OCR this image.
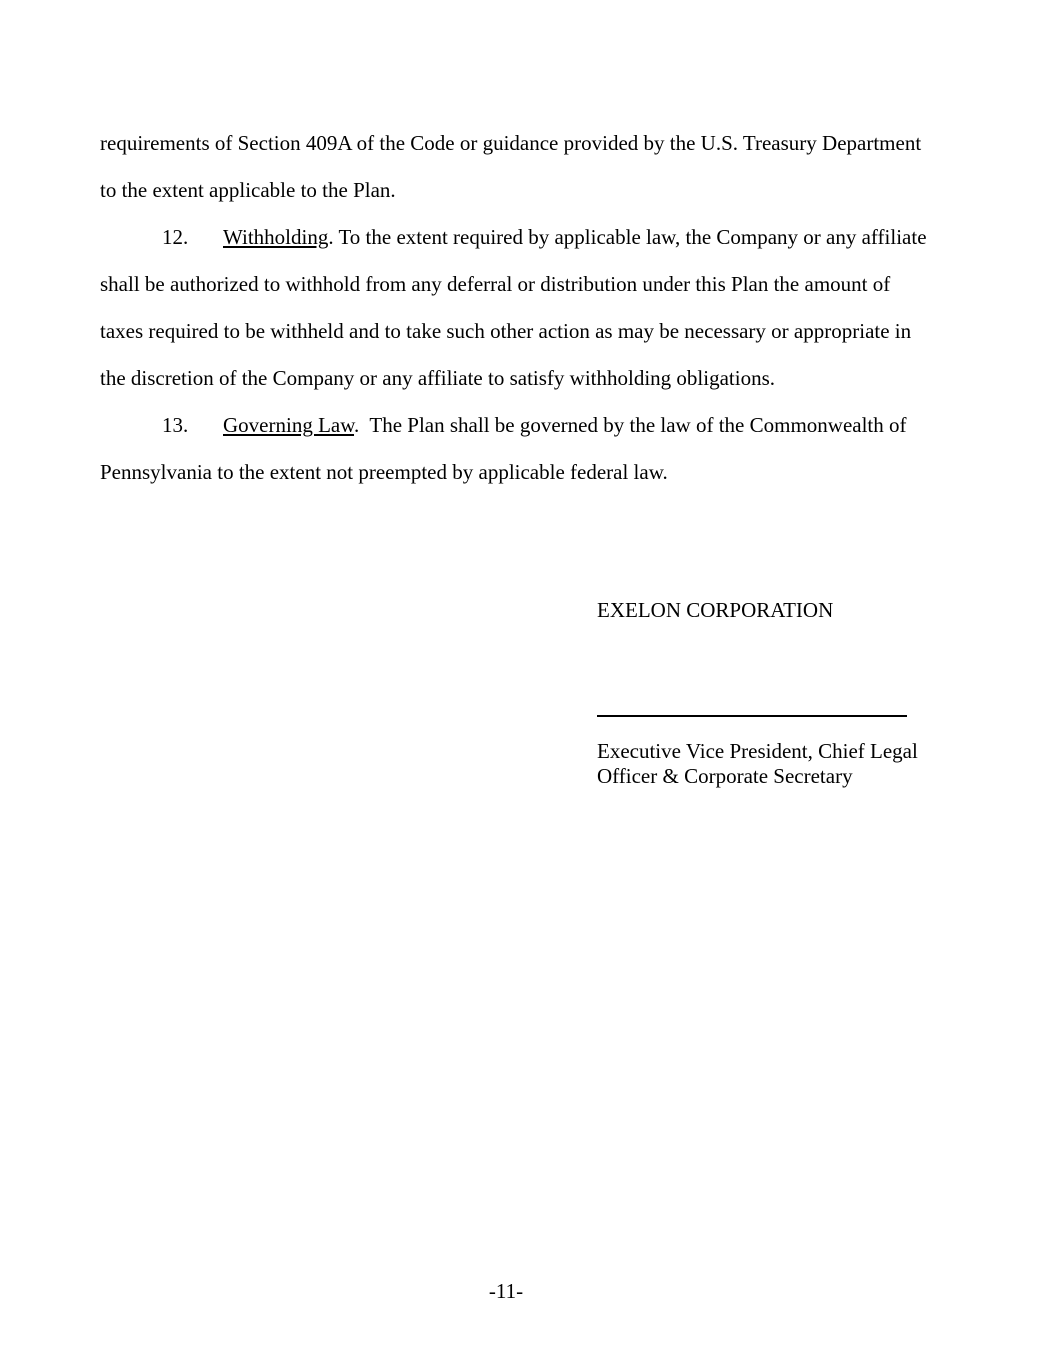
requirements of Section 409A of the Code or guidance provided by the U.S. Treasury Department to the extent applicable to the Plan.

12. Withholding. To the extent required by applicable law, the Company or any affiliate shall be authorized to withhold from any deferral or distribution under this Plan the amount of taxes required to be withheld and to take such other action as may be necessary or appropriate in the discretion of the Company or any affiliate to satisfy withholding obligations.

13. Governing Law.  The Plan shall be governed by the law of the Commonwealth of Pennsylvania to the extent not preempted by applicable federal law.

EXELON CORPORATION
Executive Vice President, Chief Legal
Officer & Corporate Secretary
-11-
